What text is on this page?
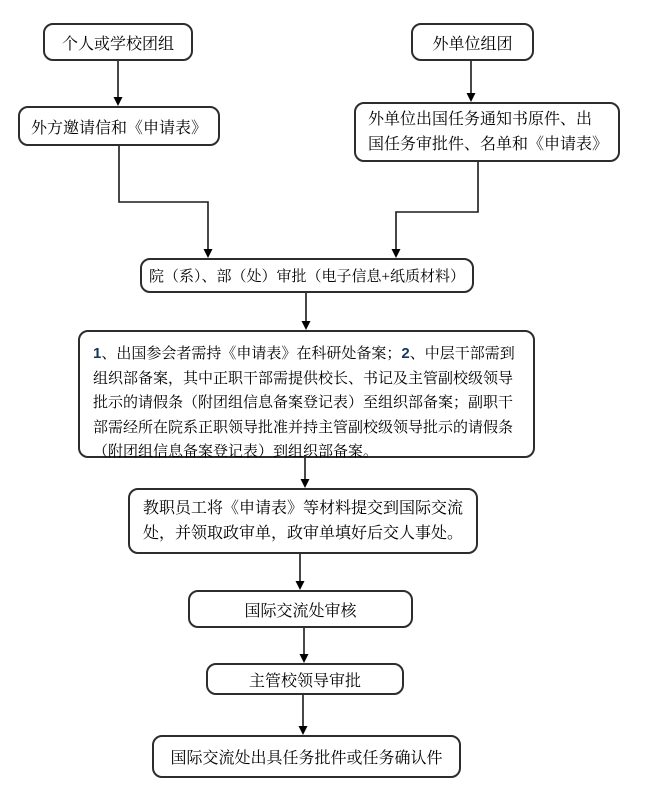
个人或学校团组	外单位组团

外方邀请信和《申请表》	外单位出国任务通知书原件、出国任务审批件、名单和《申请表》

院（系）、部（处）审批（电子信息+纸质材料）

1、出国参会者需持《申请表》在科研处备案；2、中层干部需到组织部备案，其中正职干部需提供校长、书记及主管副校级领导批示的请假条（附团组信息备案登记表）至组织部备案；副职干部需经所在院系正职领导批准并持主管副校级领导批示的请假条（附团组信息备案登记表）到组织部备案。

教职员工将《申请表》等材料提交到国际交流处，并领取政审单，政审单填好后交人事处。

国际交流处审核

主管校领导审批

国际交流处出具任务批件或任务确认件
